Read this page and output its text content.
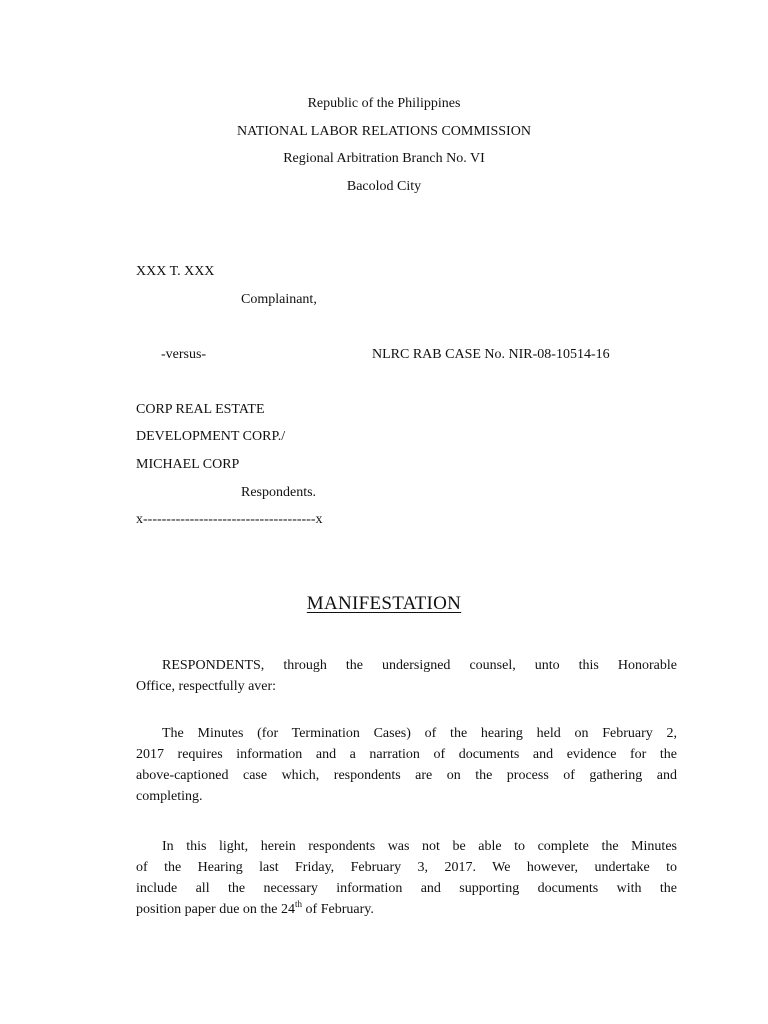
Republic of the Philippines
NATIONAL LABOR RELATIONS COMMISSION
Regional Arbitration Branch No. VI
Bacolod City
XXX T. XXX
Complainant,
-versus-	NLRC RAB CASE No. NIR-08-10514-16
CORP REAL ESTATE
DEVELOPMENT CORP./
MICHAEL CORP
Respondents.
x-------------------------------------x
MANIFESTATION
RESPONDENTS, through the undersigned counsel, unto this Honorable
Office, respectfully aver:
The Minutes (for Termination Cases) of the hearing held on February 2,
2017 requires information and a narration of documents and evidence for the
above-captioned case which, respondents are on the process of gathering and
completing.
In this light, herein respondents was not be able to complete the Minutes
of the Hearing last Friday, February 3, 2017. We however, undertake to
include all the necessary information and supporting documents with the
position paper due on the 24th of February.
